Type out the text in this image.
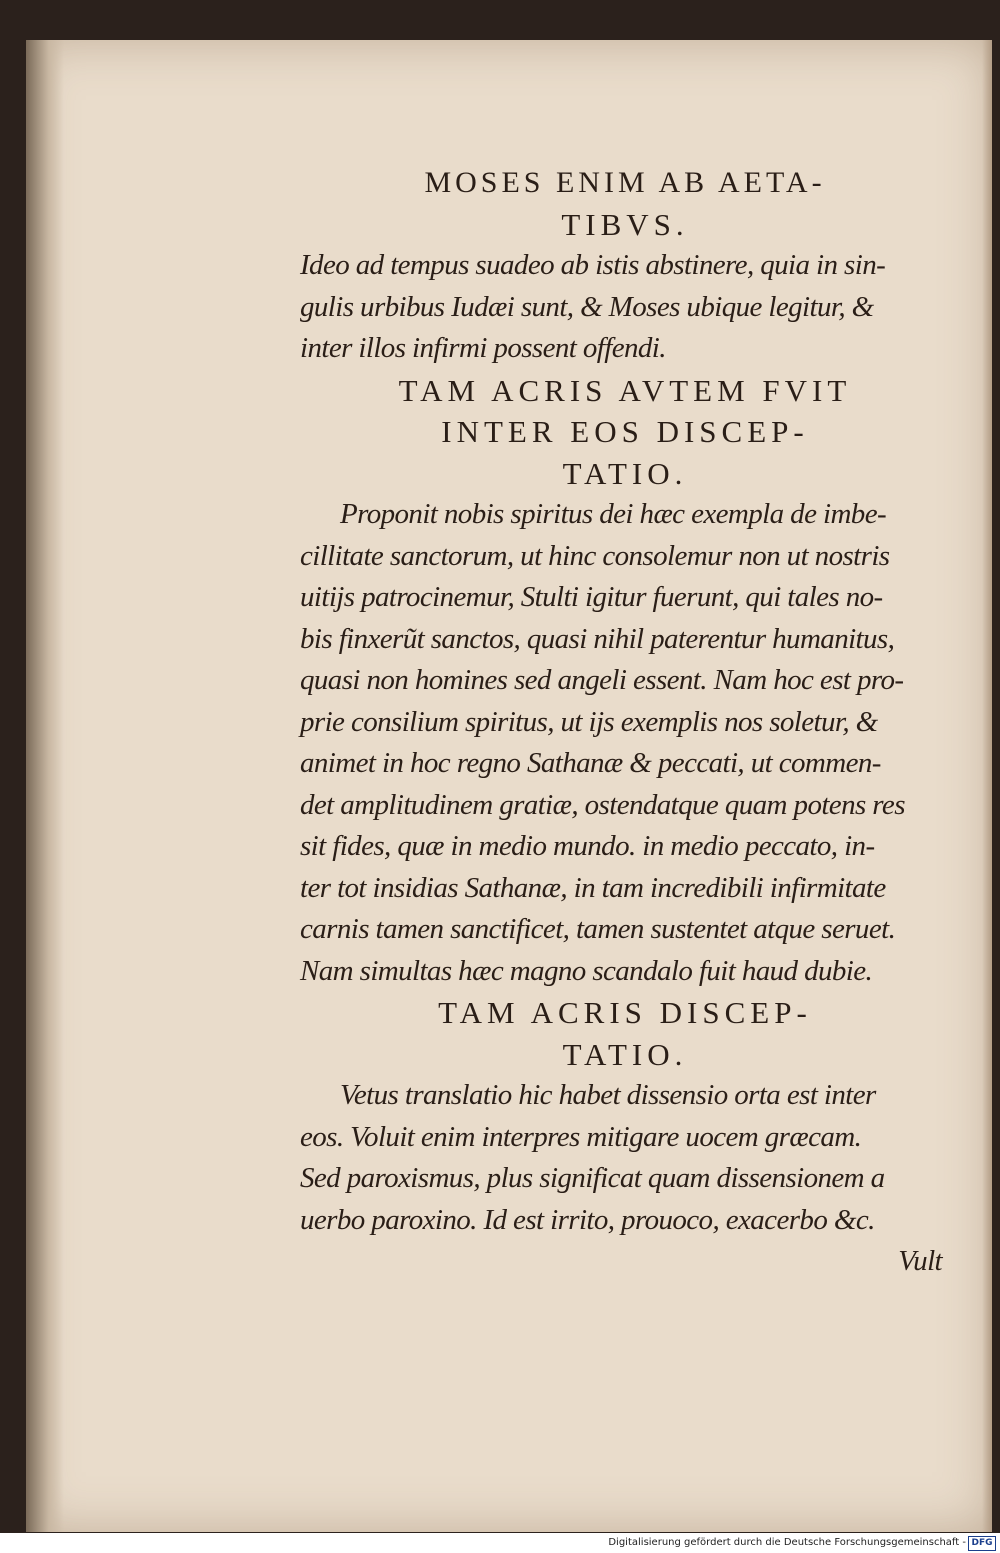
MOSES ENIM AB AETA-
TIBVS.
Ideo ad tempus suadeo ab istis abstinere, quia in sin-
gulis urbibus Iudæi sunt, & Moses ubique legitur, &
inter illos infirmi possent offendi.
TAM ACRIS AVTEM FVIT
INTER EOS DISCEP-
TATIO.
Proponit nobis spiritus dei hæc exempla de imbe-
cillitate sanctorum, ut hinc consolemur non ut nostris
uitijs patrocinemur, Stulti igitur fuerunt, qui tales no-
bis finxerũt sanctos, quasi nihil paterentur humanitus,
quasi non homines sed angeli essent. Nam hoc est pro-
prie consilium spiritus, ut ijs exemplis nos soletur, &
animet in hoc regno Sathanæ & peccati, ut commen-
det amplitudinem gratiæ, ostendatque quam potens res
sit fides, quæ in medio mundo. in medio peccato, in-
ter tot insidias Sathanæ, in tam incredibili infirmitate
carnis tamen sanctificet, tamen sustentet atque seruet.
Nam simultas hæc magno scandalo fuit haud dubie.
TAM ACRIS DISCEP-
TATIO.
Vetus translatio hic habet dissensio orta est inter
eos. Voluit enim interpres mitigare uocem græcam.
Sed paroxismus, plus significat quam dissensionem a
uerbo paroxino. Id est irrito, prouoco, exacerbo &c.
Vult
Digitalisierung gefördert durch die Deutsche Forschungsgemeinschaft - DFG
